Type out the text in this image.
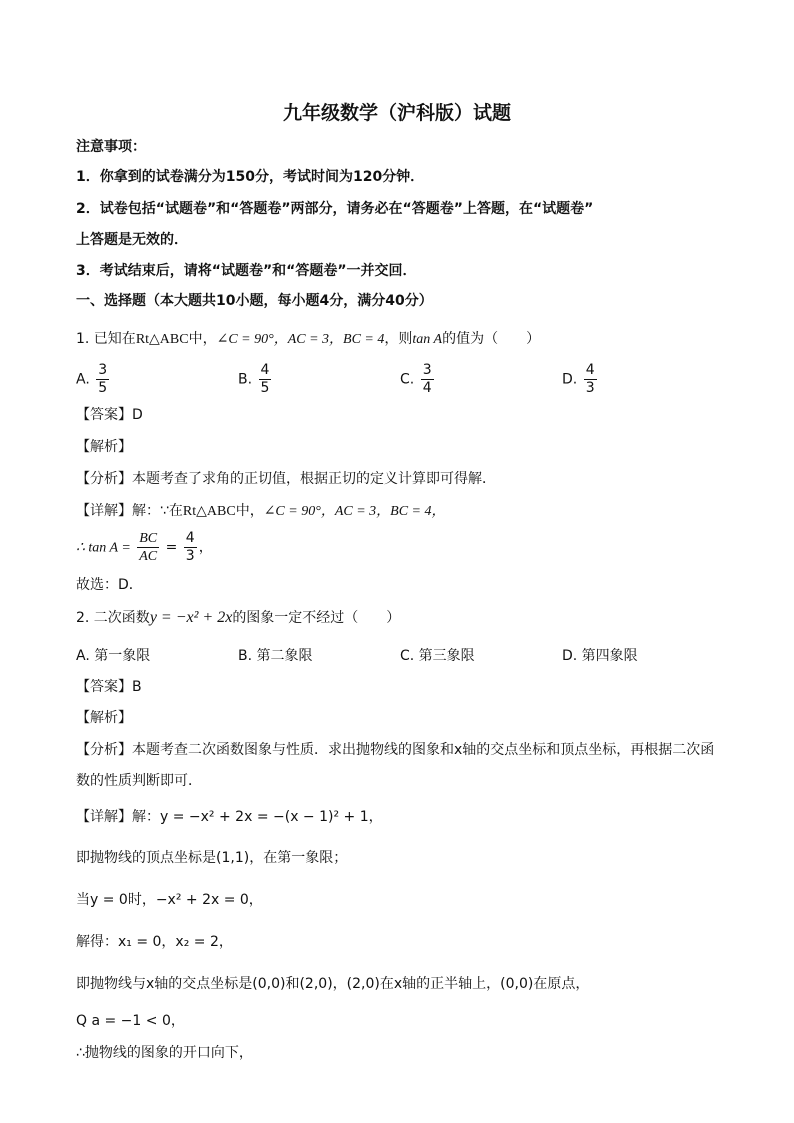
九年级数学（沪科版）试题
注意事项：
1．你拿到的试卷满分为150分，考试时间为120分钟．
2．试卷包括“试题卷”和“答题卷”两部分，请务必在“答题卷”上答题，在“试题卷”
上答题是无效的．
3．考试结束后，请将“试题卷”和“答题卷”一并交回．
一、选择题（本大题共10小题，每小题4分，满分40分）
1. 已知在Rt△ABC中，∠C = 90°，AC = 3，BC = 4，则tan A的值为（　　）
A. $\frac{3}{5}$	B. $\frac{4}{5}$	C. $\frac{3}{4}$	D. $\frac{4}{3}$
【答案】D
【解析】
【分析】本题考查了求角的正切值，根据正切的定义计算即可得解．
【详解】解：∵在Rt△ABC中，∠C = 90°，AC = 3，BC = 4，
∴ $\tan A = \frac{BC}{AC} = \frac{4}{3}$ ，
故选：D．
2. 二次函数y = −x² + 2x的图象一定不经过（　　）
A. 第一象限	B. 第二象限	C. 第三象限	D. 第四象限
【答案】B
【解析】
【分析】本题考查二次函数图象与性质．求出抛物线的图象和x轴的交点坐标和顶点坐标，再根据二次函
数的性质判断即可．
【详解】解：y = −x² + 2x = −(x − 1)² + 1，
即抛物线的顶点坐标是(1,1)，在第一象限；
当y = 0时，−x² + 2x = 0，
解得：x₁ = 0，x₂ = 2，
即抛物线与x轴的交点坐标是(0,0)和(2,0)，(2,0)在x轴的正半轴上，(0,0)在原点，
Q a = −1 < 0，
∴抛物线的图象的开口向下，
